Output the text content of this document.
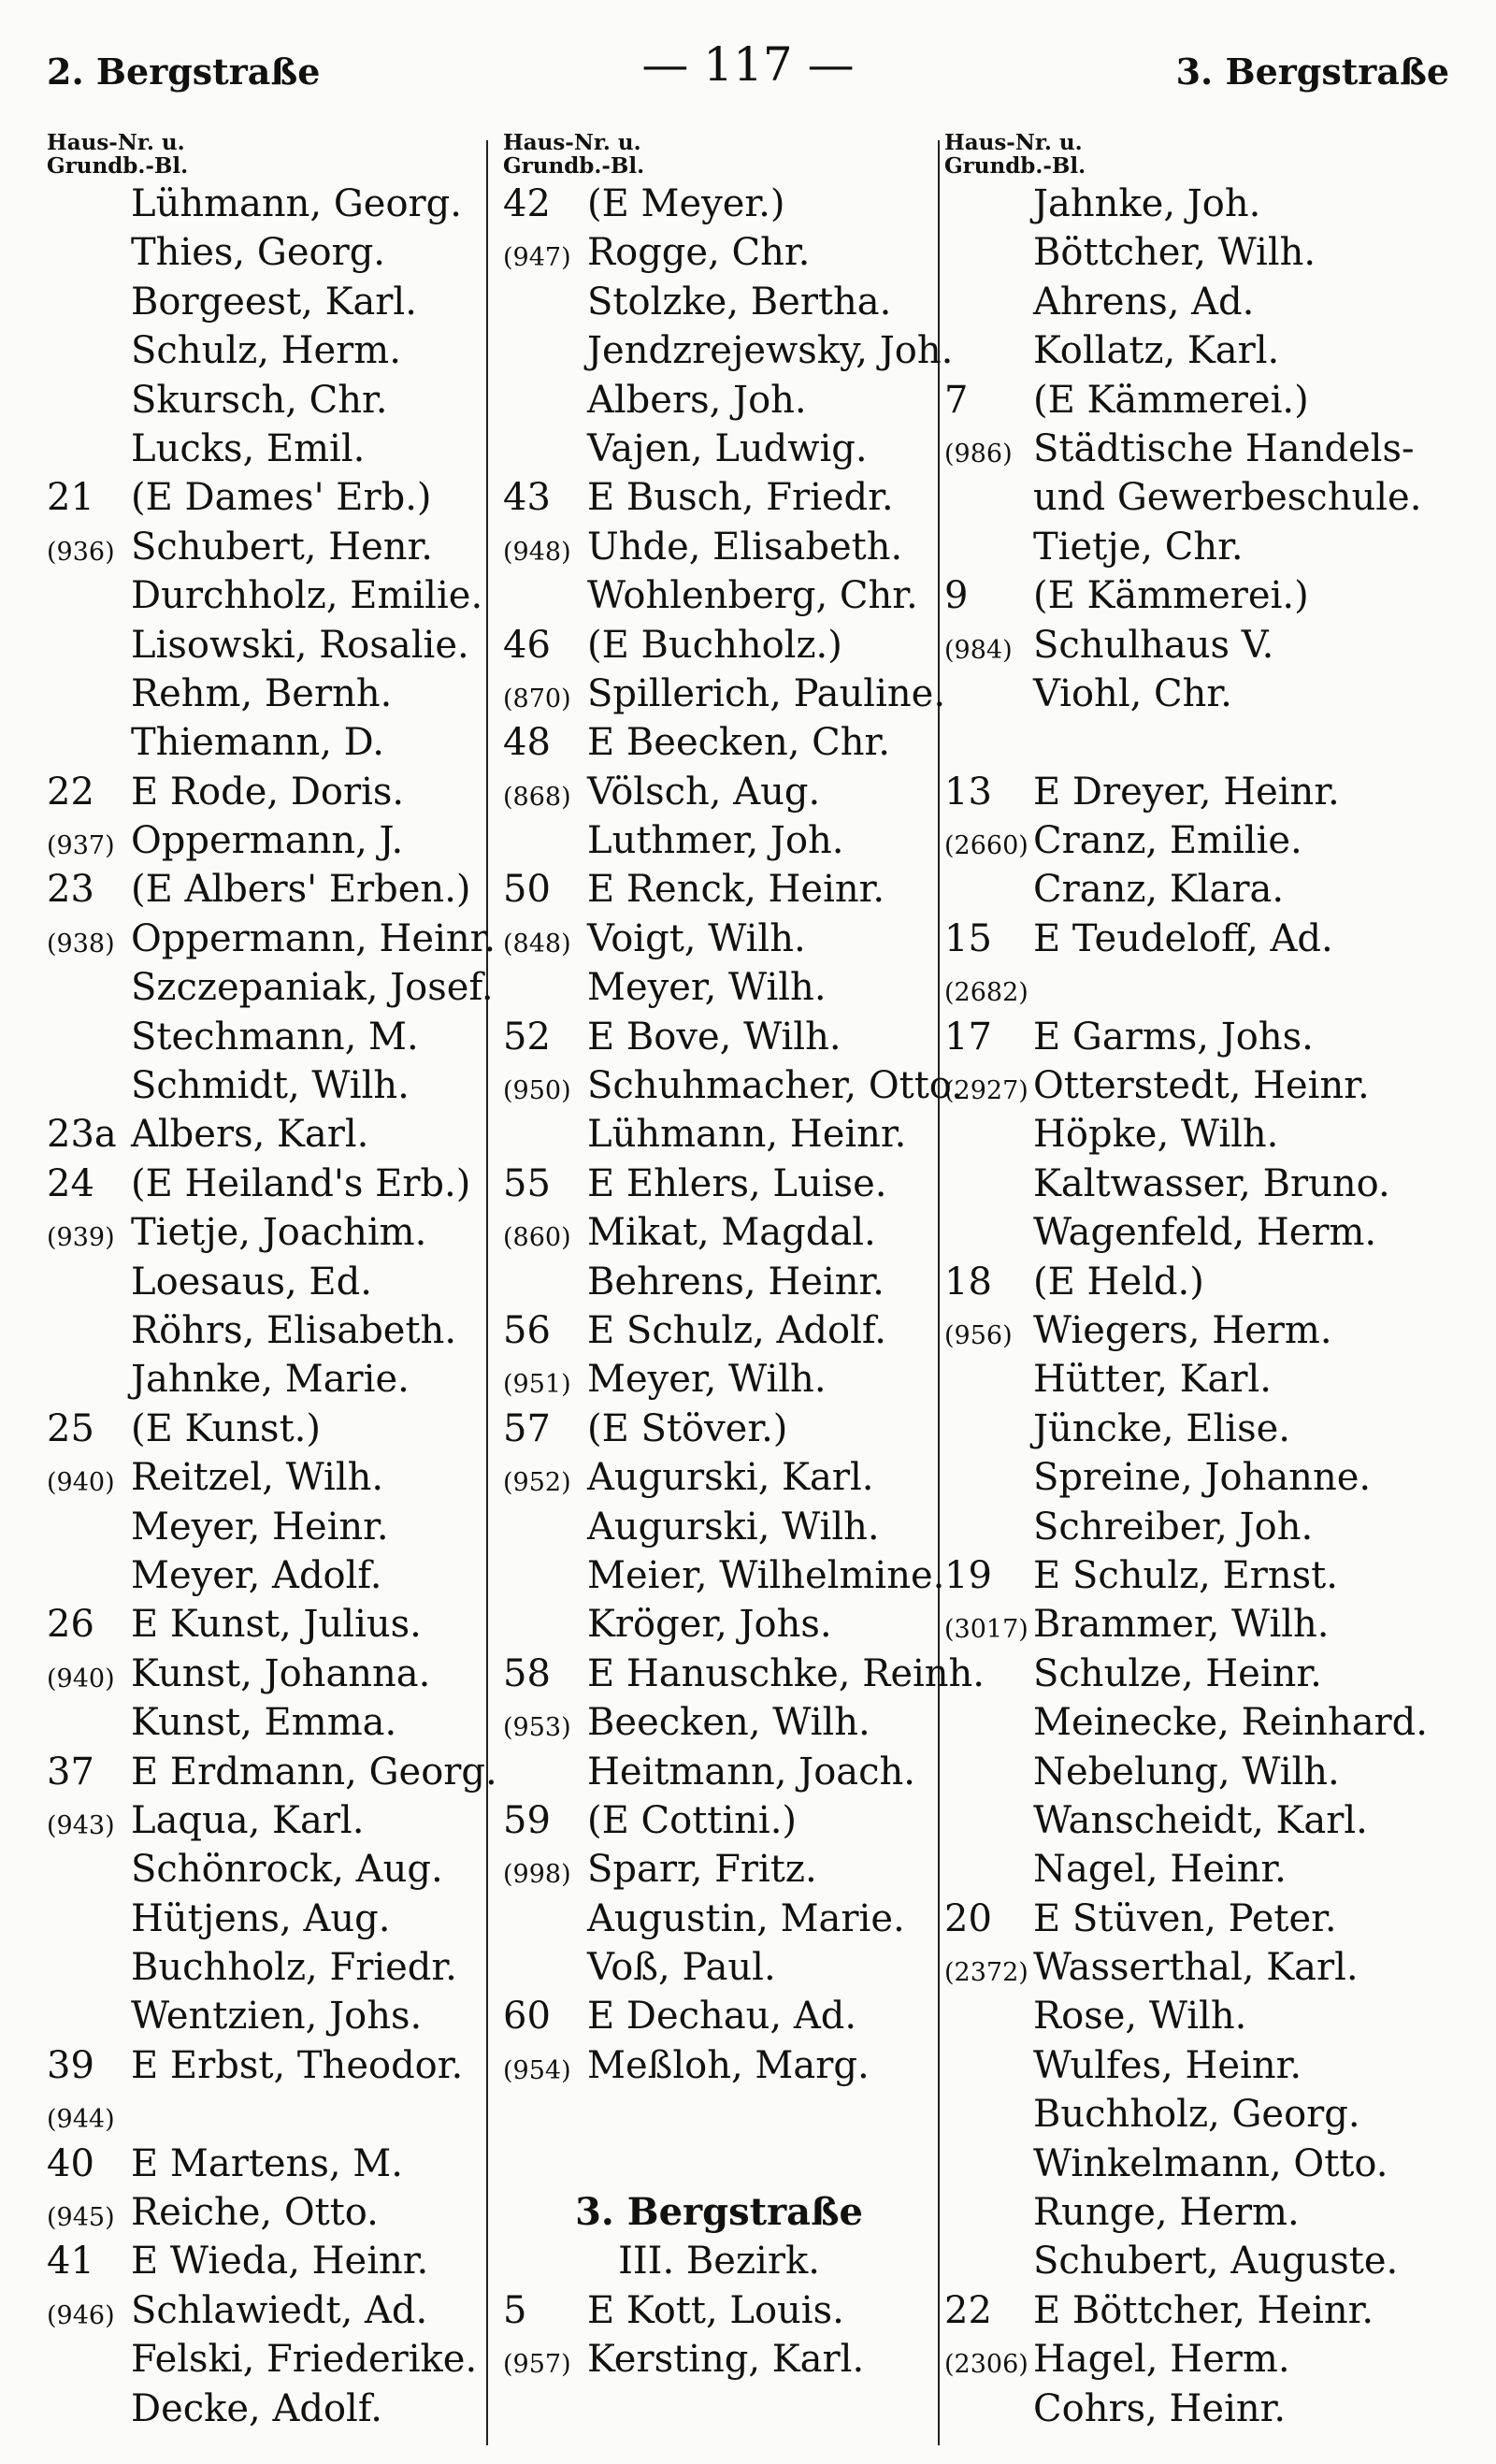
2. Bergstraße	— 117 —	3. Bergstraße
Haus-Nr. u.
Grundb.-Bl.
Lühmann, Georg.
Thies, Georg.
Borgeest, Karl.
Schulz, Herm.
Skursch, Chr.
Lucks, Emil.
21 (E Dames' Erb.)
(936) Schubert, Henr.
Durchholz, Emilie.
Lisowski, Rosalie.
Rehm, Bernh.
Thiemann, D.
22 E Rode, Doris.
(937) Oppermann, J.
23 (E Albers' Erben.)
(938) Oppermann, Heinr.
Szczepaniak, Josef.
Stechmann, M.
Schmidt, Wilh.
23a Albers, Karl.
24 (E Heiland's Erb.)
(939) Tietje, Joachim.
Loesaus, Ed.
Röhrs, Elisabeth.
Jahnke, Marie.
25 (E Kunst.)
(940) Reitzel, Wilh.
Meyer, Heinr.
Meyer, Adolf.
26 E Kunst, Julius.
(940) Kunst, Johanna.
Kunst, Emma.
37 E Erdmann, Georg.
(943) Laqua, Karl.
Schönrock, Aug.
Hütjens, Aug.
Buchholz, Friedr.
Wentzien, Johs.
39 E Erbst, Theodor.
(944)
40 E Martens, M.
(945) Reiche, Otto.
41 E Wieda, Heinr.
(946) Schlawiedt, Ad.
Felski, Friederike.
Decke, Adolf.
Haus-Nr. u.
Grundb.-Bl.
42 (E Meyer.)
(947) Rogge, Chr.
Stolzke, Bertha.
Jendzrejewsky, Joh.
Albers, Joh.
Vajen, Ludwig.
43 E Busch, Friedr.
(948) Uhde, Elisabeth.
Wohlenberg, Chr.
46 (E Buchholz.)
(870) Spillerich, Pauline.
48 E Beecken, Chr.
(868) Völsch, Aug.
Luthmer, Joh.
50 E Renck, Heinr.
(848) Voigt, Wilh.
Meyer, Wilh.
52 E Bove, Wilh.
(950) Schuhmacher, Otto.
Lühmann, Heinr.
55 E Ehlers, Luise.
(860) Mikat, Magdal.
Behrens, Heinr.
56 E Schulz, Adolf.
(951) Meyer, Wilh.
57 (E Stöver.)
(952) Augurski, Karl.
Augurski, Wilh.
Meier, Wilhelmine.
Kröger, Johs.
58 E Hanuschke, Reinh.
(953) Beecken, Wilh.
Heitmann, Joach.
59 (E Cottini.)
(998) Sparr, Fritz.
Augustin, Marie.
Voß, Paul.
60 E Dechau, Ad.
(954) Meßloh, Marg.
3. Bergstraße
III. Bezirk.
5 E Kott, Louis.
(957) Kersting, Karl.
Haus-Nr. u.
Grundb.-Bl.
Jahnke, Joh.
Böttcher, Wilh.
Ahrens, Ad.
Kollatz, Karl.
7 (E Kämmerei.)
(986) Städtische Handels-
und Gewerbeschule.
Tietje, Chr.
9 (E Kämmerei.)
(984) Schulhaus V.
Viohl, Chr.
13 E Dreyer, Heinr.
(2660) Cranz, Emilie.
Cranz, Klara.
15 E Teudeloff, Ad.
(2682)
17 E Garms, Johs.
(2927) Otterstedt, Heinr.
Höpke, Wilh.
Kaltwasser, Bruno.
Wagenfeld, Herm.
18 (E Held.)
(956) Wiegers, Herm.
Hütter, Karl.
Jüncke, Elise.
Spreine, Johanne.
Schreiber, Joh.
19 E Schulz, Ernst.
(3017) Brammer, Wilh.
Schulze, Heinr.
Meinecke, Reinhard.
Nebelung, Wilh.
Wanscheidt, Karl.
Nagel, Heinr.
20 E Stüven, Peter.
(2372) Wasserthal, Karl.
Rose, Wilh.
Wulfes, Heinr.
Buchholz, Georg.
Winkelmann, Otto.
Runge, Herm.
Schubert, Auguste.
22 E Böttcher, Heinr.
(2306) Hagel, Herm.
Cohrs, Heinr.
